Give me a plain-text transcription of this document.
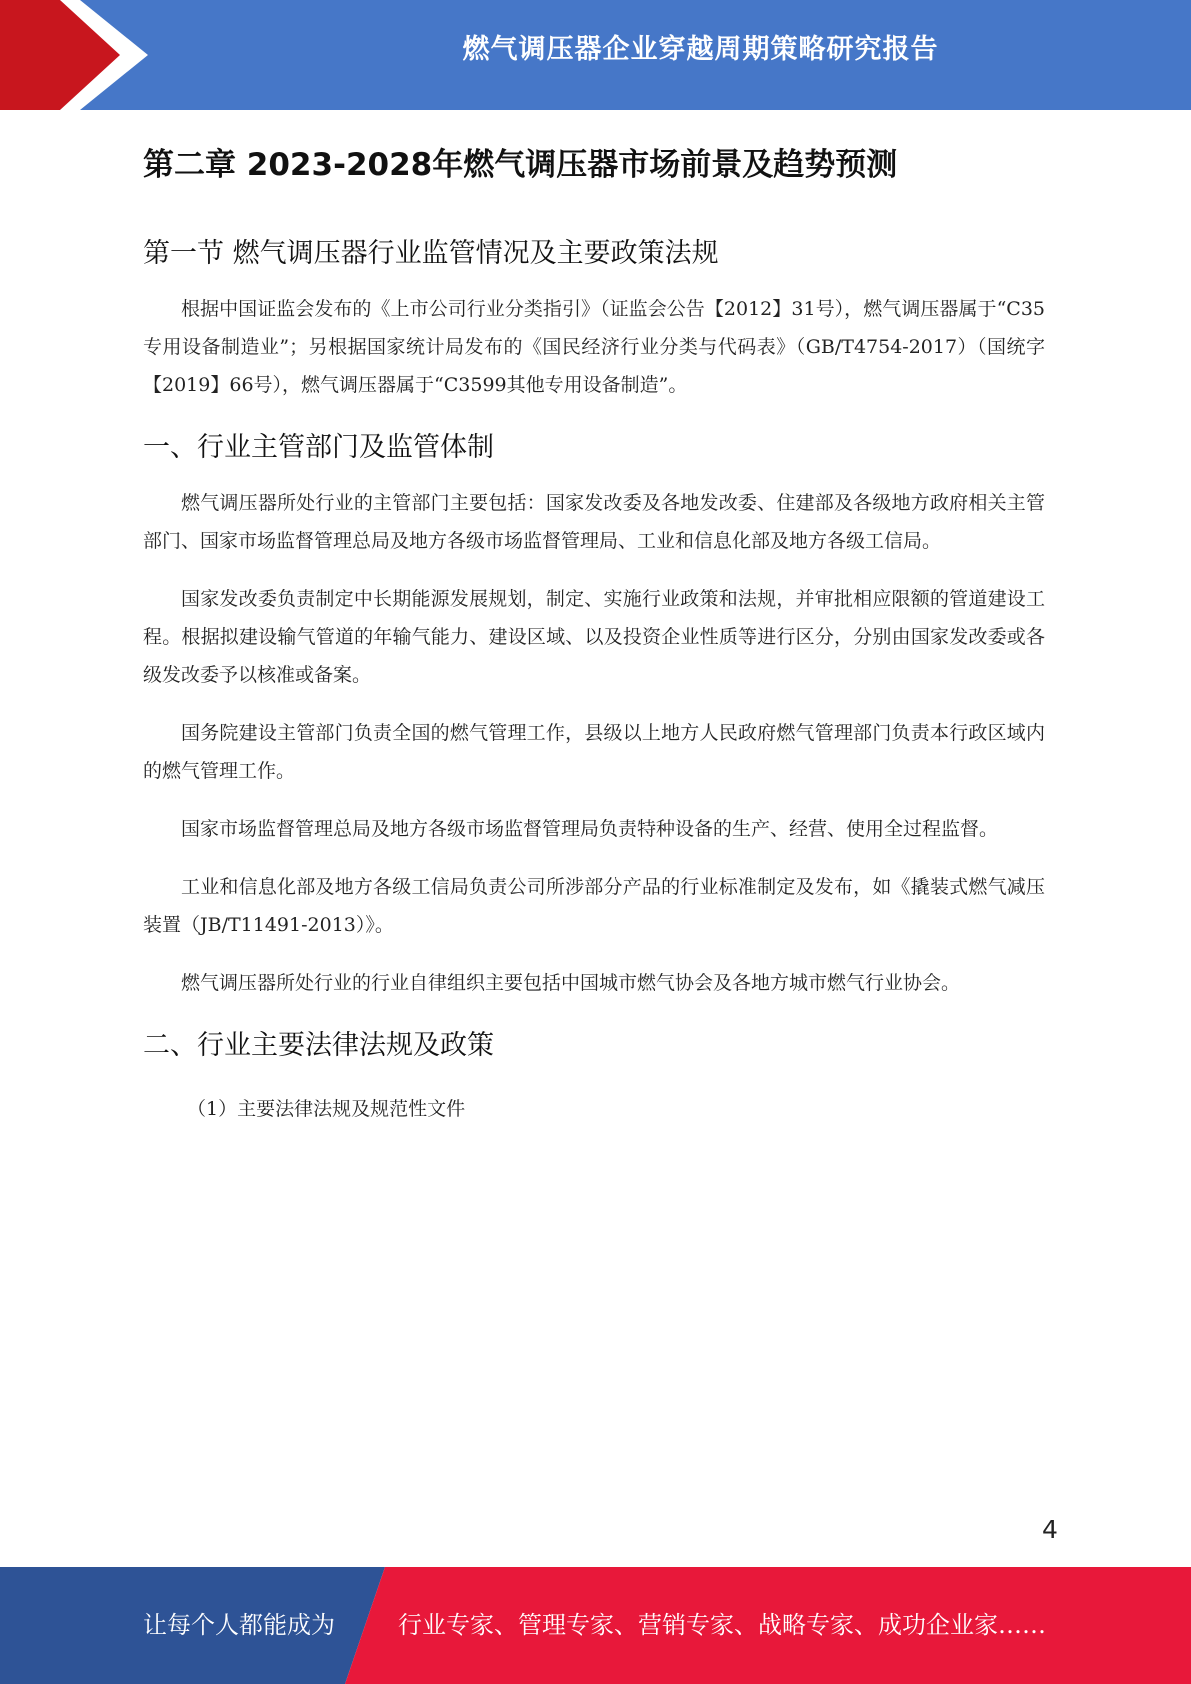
燃气调压器企业穿越周期策略研究报告
第二章 2023-2028年燃气调压器市场前景及趋势预测
第一节 燃气调压器行业监管情况及主要政策法规

根据中国证监会发布的《上市公司行业分类指引》（证监会公告【2012】31号），燃气调压器属于“C35专用设备制造业”；另根据国家统计局发布的《国民经济行业分类与代码表》（GB/T4754-2017）（国统字【2019】66号），燃气调压器属于“C3599其他专用设备制造”。

一、行业主管部门及监管体制

燃气调压器所处行业的主管部门主要包括：国家发改委及各地发改委、住建部及各级地方政府相关主管部门、国家市场监督管理总局及地方各级市场监督管理局、工业和信息化部及地方各级工信局。

国家发改委负责制定中长期能源发展规划，制定、实施行业政策和法规，并审批相应限额的管道建设工程。根据拟建设输气管道的年输气能力、建设区域、以及投资企业性质等进行区分，分别由国家发改委或各级发改委予以核准或备案。

国务院建设主管部门负责全国的燃气管理工作，县级以上地方人民政府燃气管理部门负责本行政区域内的燃气管理工作。

国家市场监督管理总局及地方各级市场监督管理局负责特种设备的生产、经营、使用全过程监督。

工业和信息化部及地方各级工信局负责公司所涉部分产品的行业标准制定及发布，如《撬装式燃气减压装置（JB/T11491-2013）》。

燃气调压器所处行业的行业自律组织主要包括中国城市燃气协会及各地方城市燃气行业协会。

二、行业主要法律法规及政策

（1）主要法律法规及规范性文件

4
让每个人都能成为	行业专家、管理专家、营销专家、战略专家、成功企业家……
